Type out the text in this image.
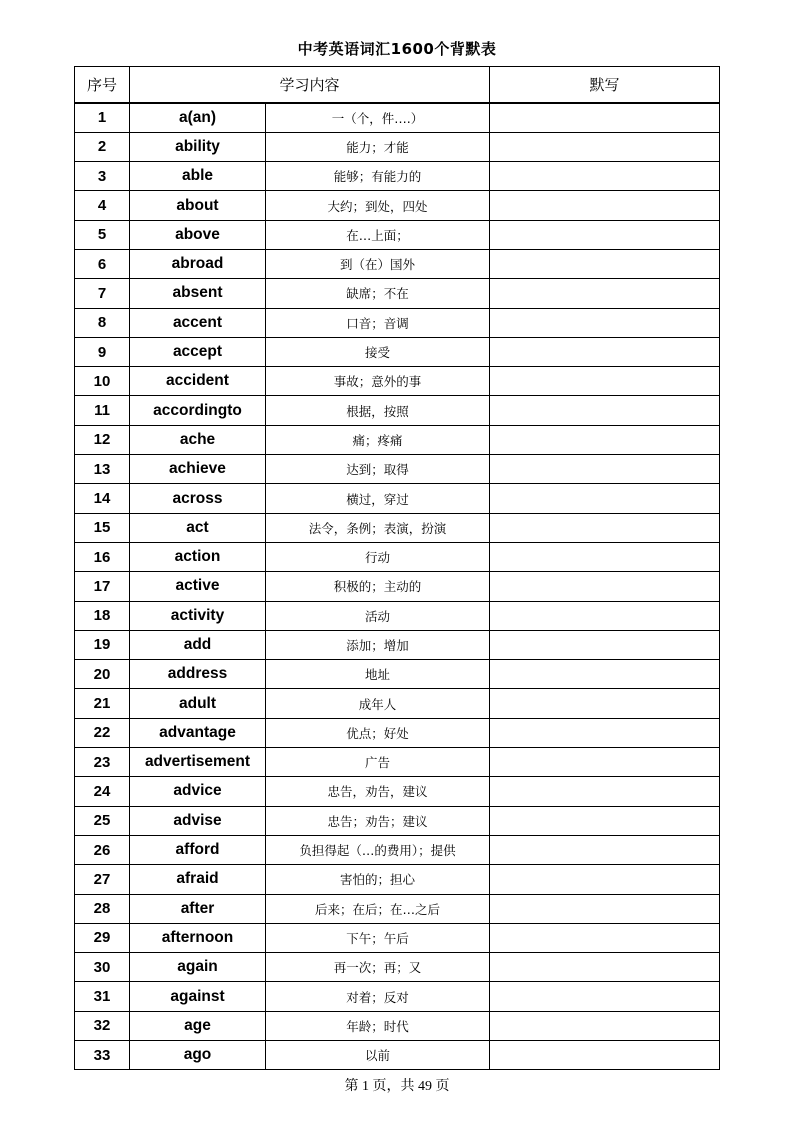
中考英语词汇1600个背默表
序号	学习内容		默写
1	a(an)	一（个，件….）	
2	ability	能力；才能	
3	able	能够；有能力的	
4	about	大约；到处，四处	
5	above	在…上面；	
6	abroad	到（在）国外	
7	absent	缺席；不在	
8	accent	口音；音调	
9	accept	接受	
10	accident	事故；意外的事	
11	accordingto	根据，按照	
12	ache	痛；疼痛	
13	achieve	达到；取得	
14	across	横过，穿过	
15	act	法令，条例；表演，扮演	
16	action	行动	
17	active	积极的；主动的	
18	activity	活动	
19	add	添加；增加	
20	address	地址	
21	adult	成年人	
22	advantage	优点；好处	
23	advertisement	广告	
24	advice	忠告，劝告，建议	
25	advise	忠告；劝告；建议	
26	afford	负担得起（…的费用）；提供	
27	afraid	害怕的；担心	
28	after	后来；在后；在…之后	
29	afternoon	下午；午后	
30	again	再一次；再；又	
31	against	对着；反对	
32	age	年龄；时代	
33	ago	以前	
第 1 页，共 49 页
